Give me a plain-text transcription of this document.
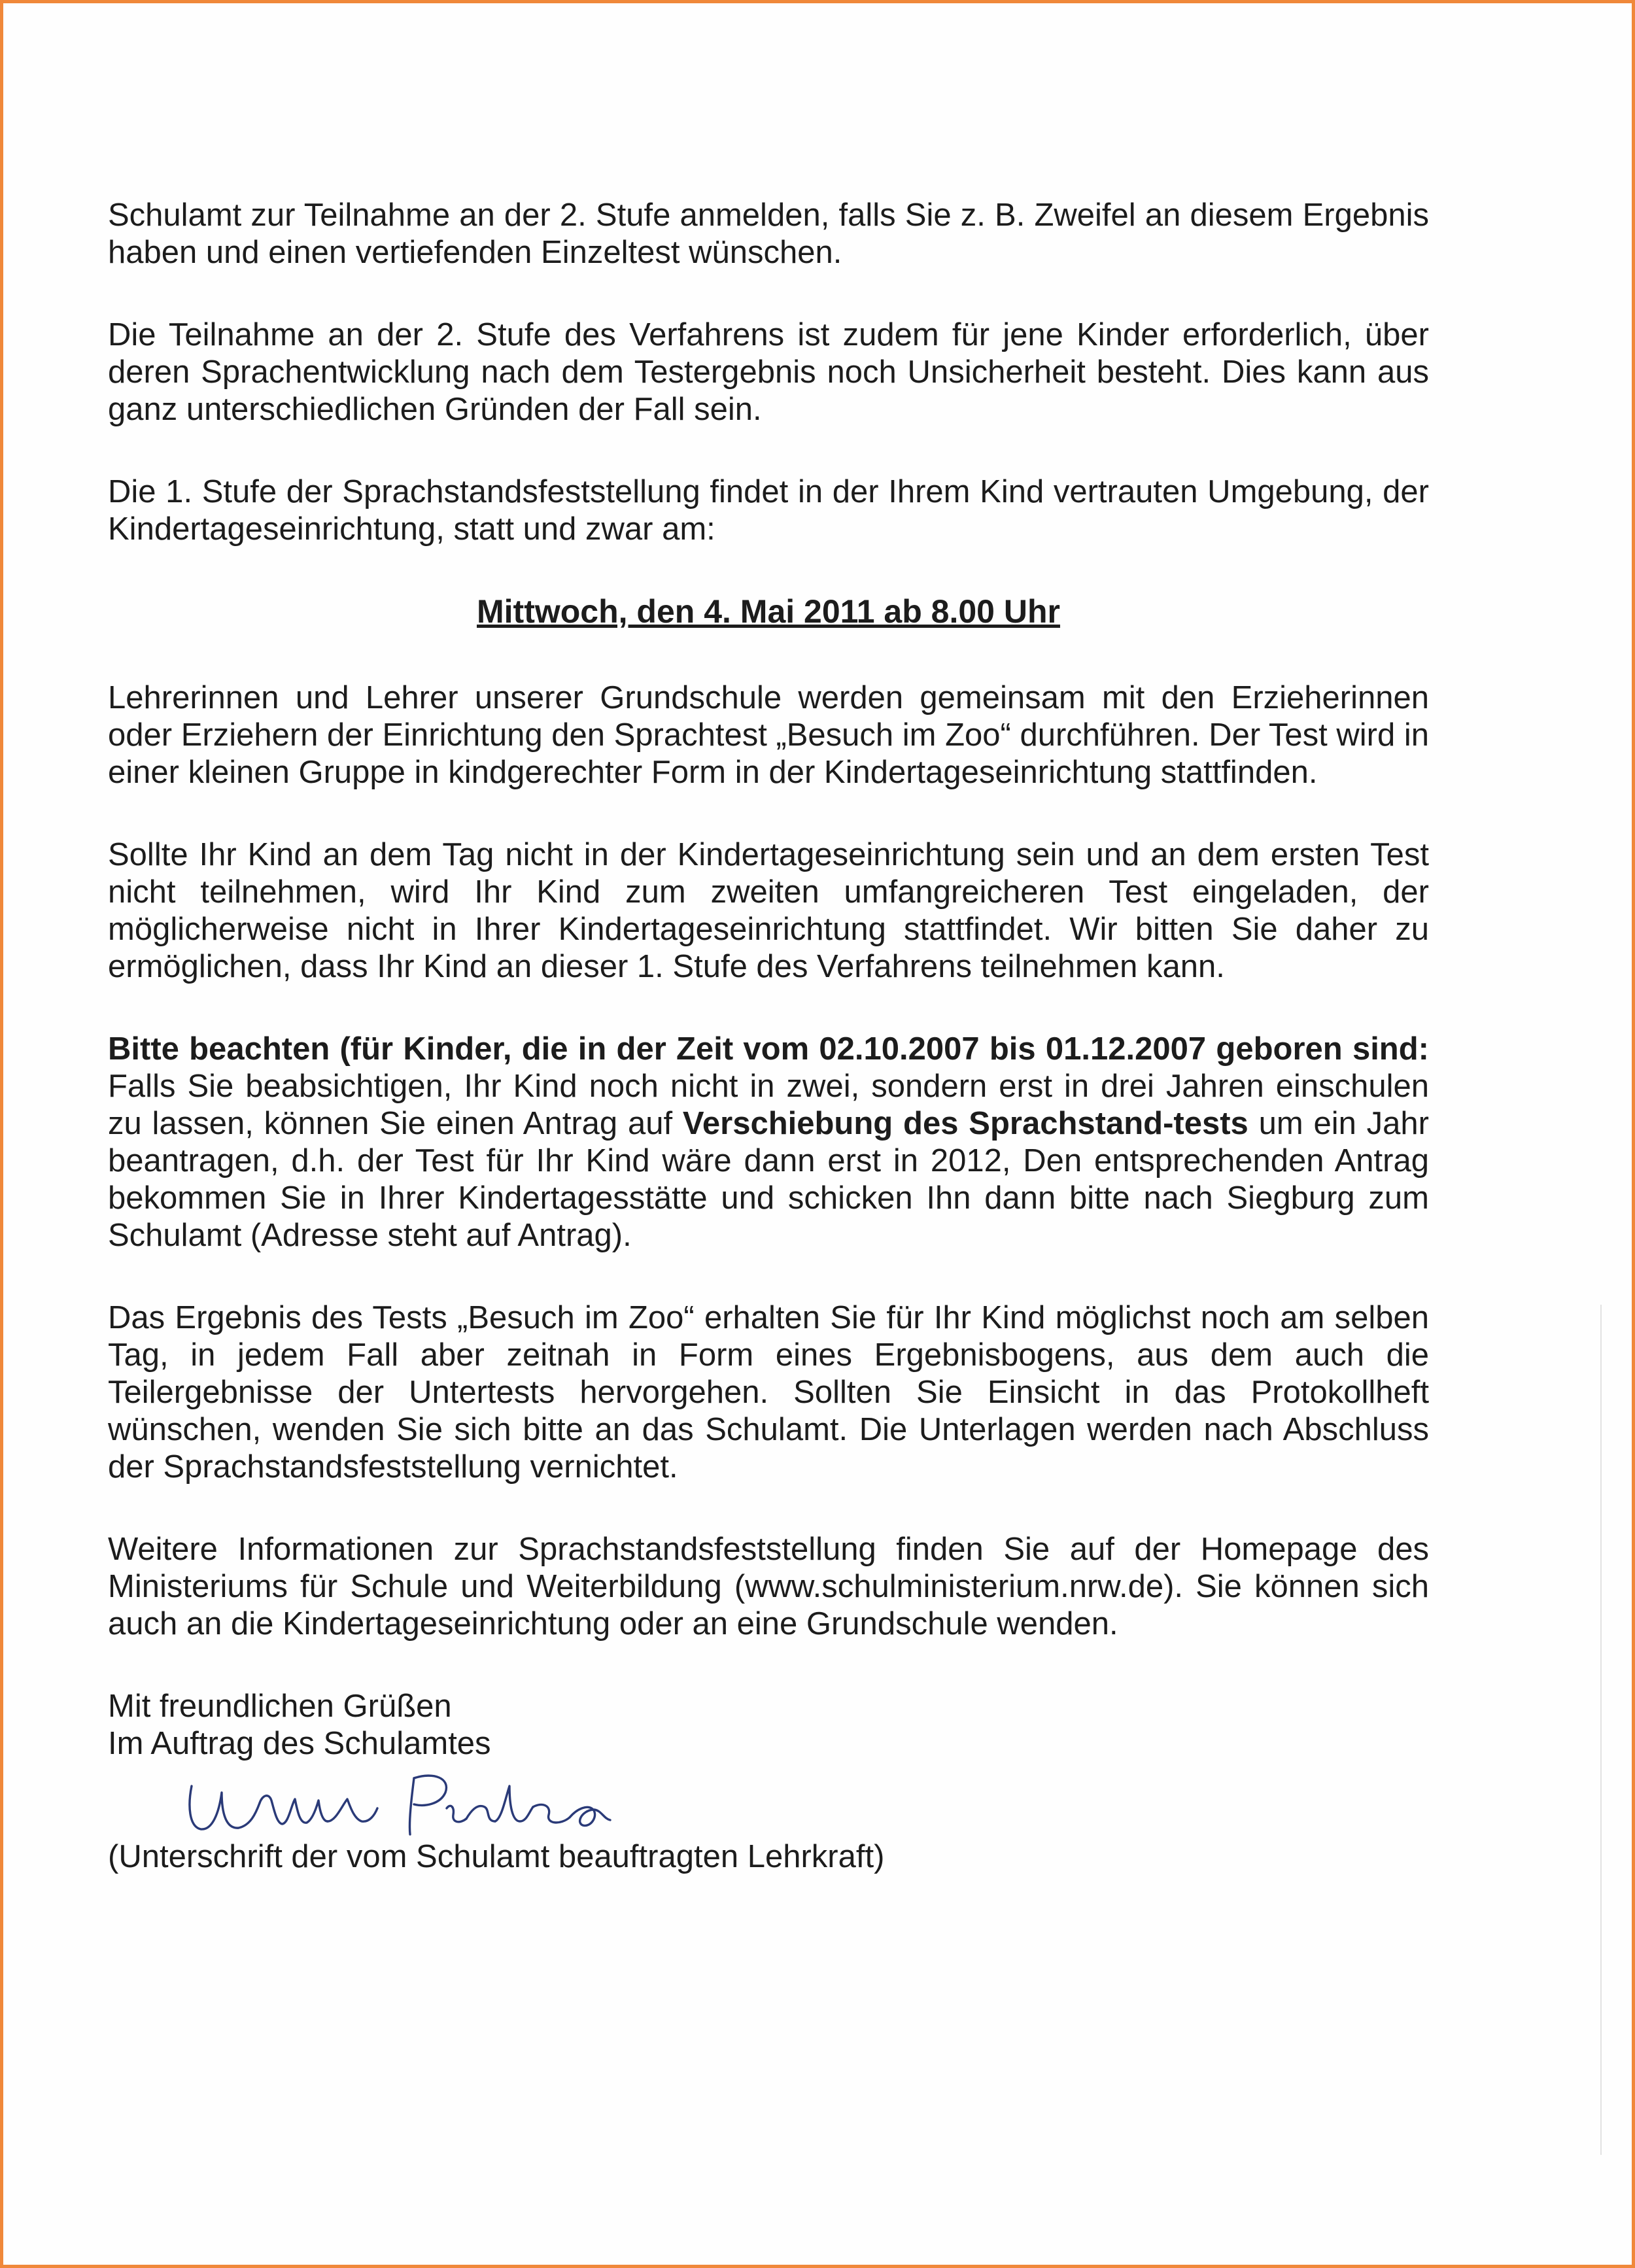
Schulamt zur Teilnahme an der 2. Stufe anmelden, falls Sie z. B. Zweifel an diesem Ergebnis haben und einen vertiefenden Einzeltest wünschen.

Die Teilnahme an der 2. Stufe des Verfahrens ist zudem für jene Kinder erforderlich, über deren Sprachentwicklung nach dem Testergebnis noch Unsicherheit besteht. Dies kann aus ganz unterschiedlichen Gründen der Fall sein.

Die 1. Stufe der Sprachstandsfeststellung findet in der Ihrem Kind vertrauten Umgebung, der Kindertageseinrichtung, statt und zwar am:

Mittwoch, den 4. Mai 2011 ab 8.00 Uhr

Lehrerinnen und Lehrer unserer Grundschule werden gemeinsam mit den Erzieherinnen oder Erziehern der Einrichtung den Sprachtest „Besuch im Zoo“ durchführen. Der Test wird in einer kleinen Gruppe in kindgerechter Form in der Kindertageseinrichtung stattfinden.

Sollte Ihr Kind an dem Tag nicht in der Kindertageseinrichtung sein und an dem ersten Test nicht teilnehmen, wird Ihr Kind zum zweiten umfangreicheren Test eingeladen, der möglicherweise nicht in Ihrer Kindertageseinrichtung stattfindet. Wir bitten Sie daher zu ermöglichen, dass Ihr Kind an dieser 1. Stufe des Verfahrens teilnehmen kann.

Bitte beachten (für Kinder, die in der Zeit vom 02.10.2007 bis 01.12.2007 geboren sind: Falls Sie beabsichtigen, Ihr Kind noch nicht in zwei, sondern erst in drei Jahren einschulen zu lassen, können Sie einen Antrag auf Verschiebung des Sprachstand-tests um ein Jahr beantragen, d.h. der Test für Ihr Kind wäre dann erst in 2012, Den entsprechenden Antrag bekommen Sie in Ihrer Kindertagesstätte und schicken Ihn dann bitte nach Siegburg zum Schulamt (Adresse steht auf Antrag).

Das Ergebnis des Tests „Besuch im Zoo“ erhalten Sie für Ihr Kind möglichst noch am selben Tag, in jedem Fall aber zeitnah in Form eines Ergebnisbogens, aus dem auch die Teilergebnisse der Untertests hervorgehen. Sollten Sie Einsicht in das Protokollheft wünschen, wenden Sie sich bitte an das Schulamt. Die Unterlagen werden nach Abschluss der Sprachstandsfeststellung vernichtet.

Weitere Informationen zur Sprachstandsfeststellung finden Sie auf der Homepage des Ministeriums für Schule und Weiterbildung (www.schulministerium.nrw.de). Sie können sich auch an die Kindertageseinrichtung oder an eine Grundschule wenden.

Mit freundlichen Grüßen

Im Auftrag des Schulamtes

(Unterschrift der vom Schulamt beauftragten Lehrkraft)
